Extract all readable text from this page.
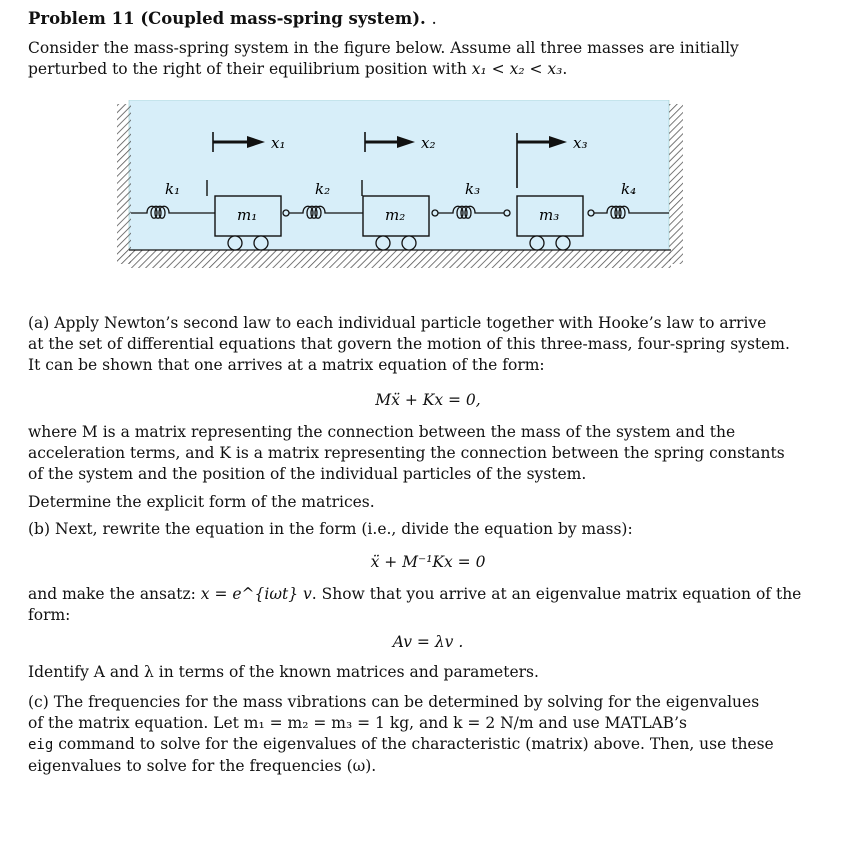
Problem 11 (Coupled mass-spring system). .

Consider the mass-spring system in the figure below. Assume all three masses are initially
perturbed to the right of their equilibrium position with x₁ < x₂ < x₃.

x₁	x₂	x₃
k₁	k₂	k₃	k₄
m₁	m₂	m₃

(a) Apply Newton’s second law to each individual particle together with Hooke’s law to arrive
at the set of differential equations that govern the motion of this three-mass, four-spring system.
It can be shown that one arrives at a matrix equation of the form:

Mẍ + Kx = 0,

where M is a matrix representing the connection between the mass of the system and the
acceleration terms, and K is a matrix representing the connection between the spring constants
of the system and the position of the individual particles of the system.

Determine the explicit form of the matrices.

(b) Next, rewrite the equation in the form (i.e., divide the equation by mass):

ẍ + M⁻¹Kx = 0

and make the ansatz: x = e^{iωt} v. Show that you arrive at an eigenvalue matrix equation of the
form:

Av = λv .

Identify A and λ in terms of the known matrices and parameters.

(c) The frequencies for the mass vibrations can be determined by solving for the eigenvalues
of the matrix equation. Let m₁ = m₂ = m₃ = 1 kg, and k = 2 N/m and use MATLAB’s
eig command to solve for the eigenvalues of the characteristic (matrix) above. Then, use these
eigenvalues to solve for the frequencies (ω).
